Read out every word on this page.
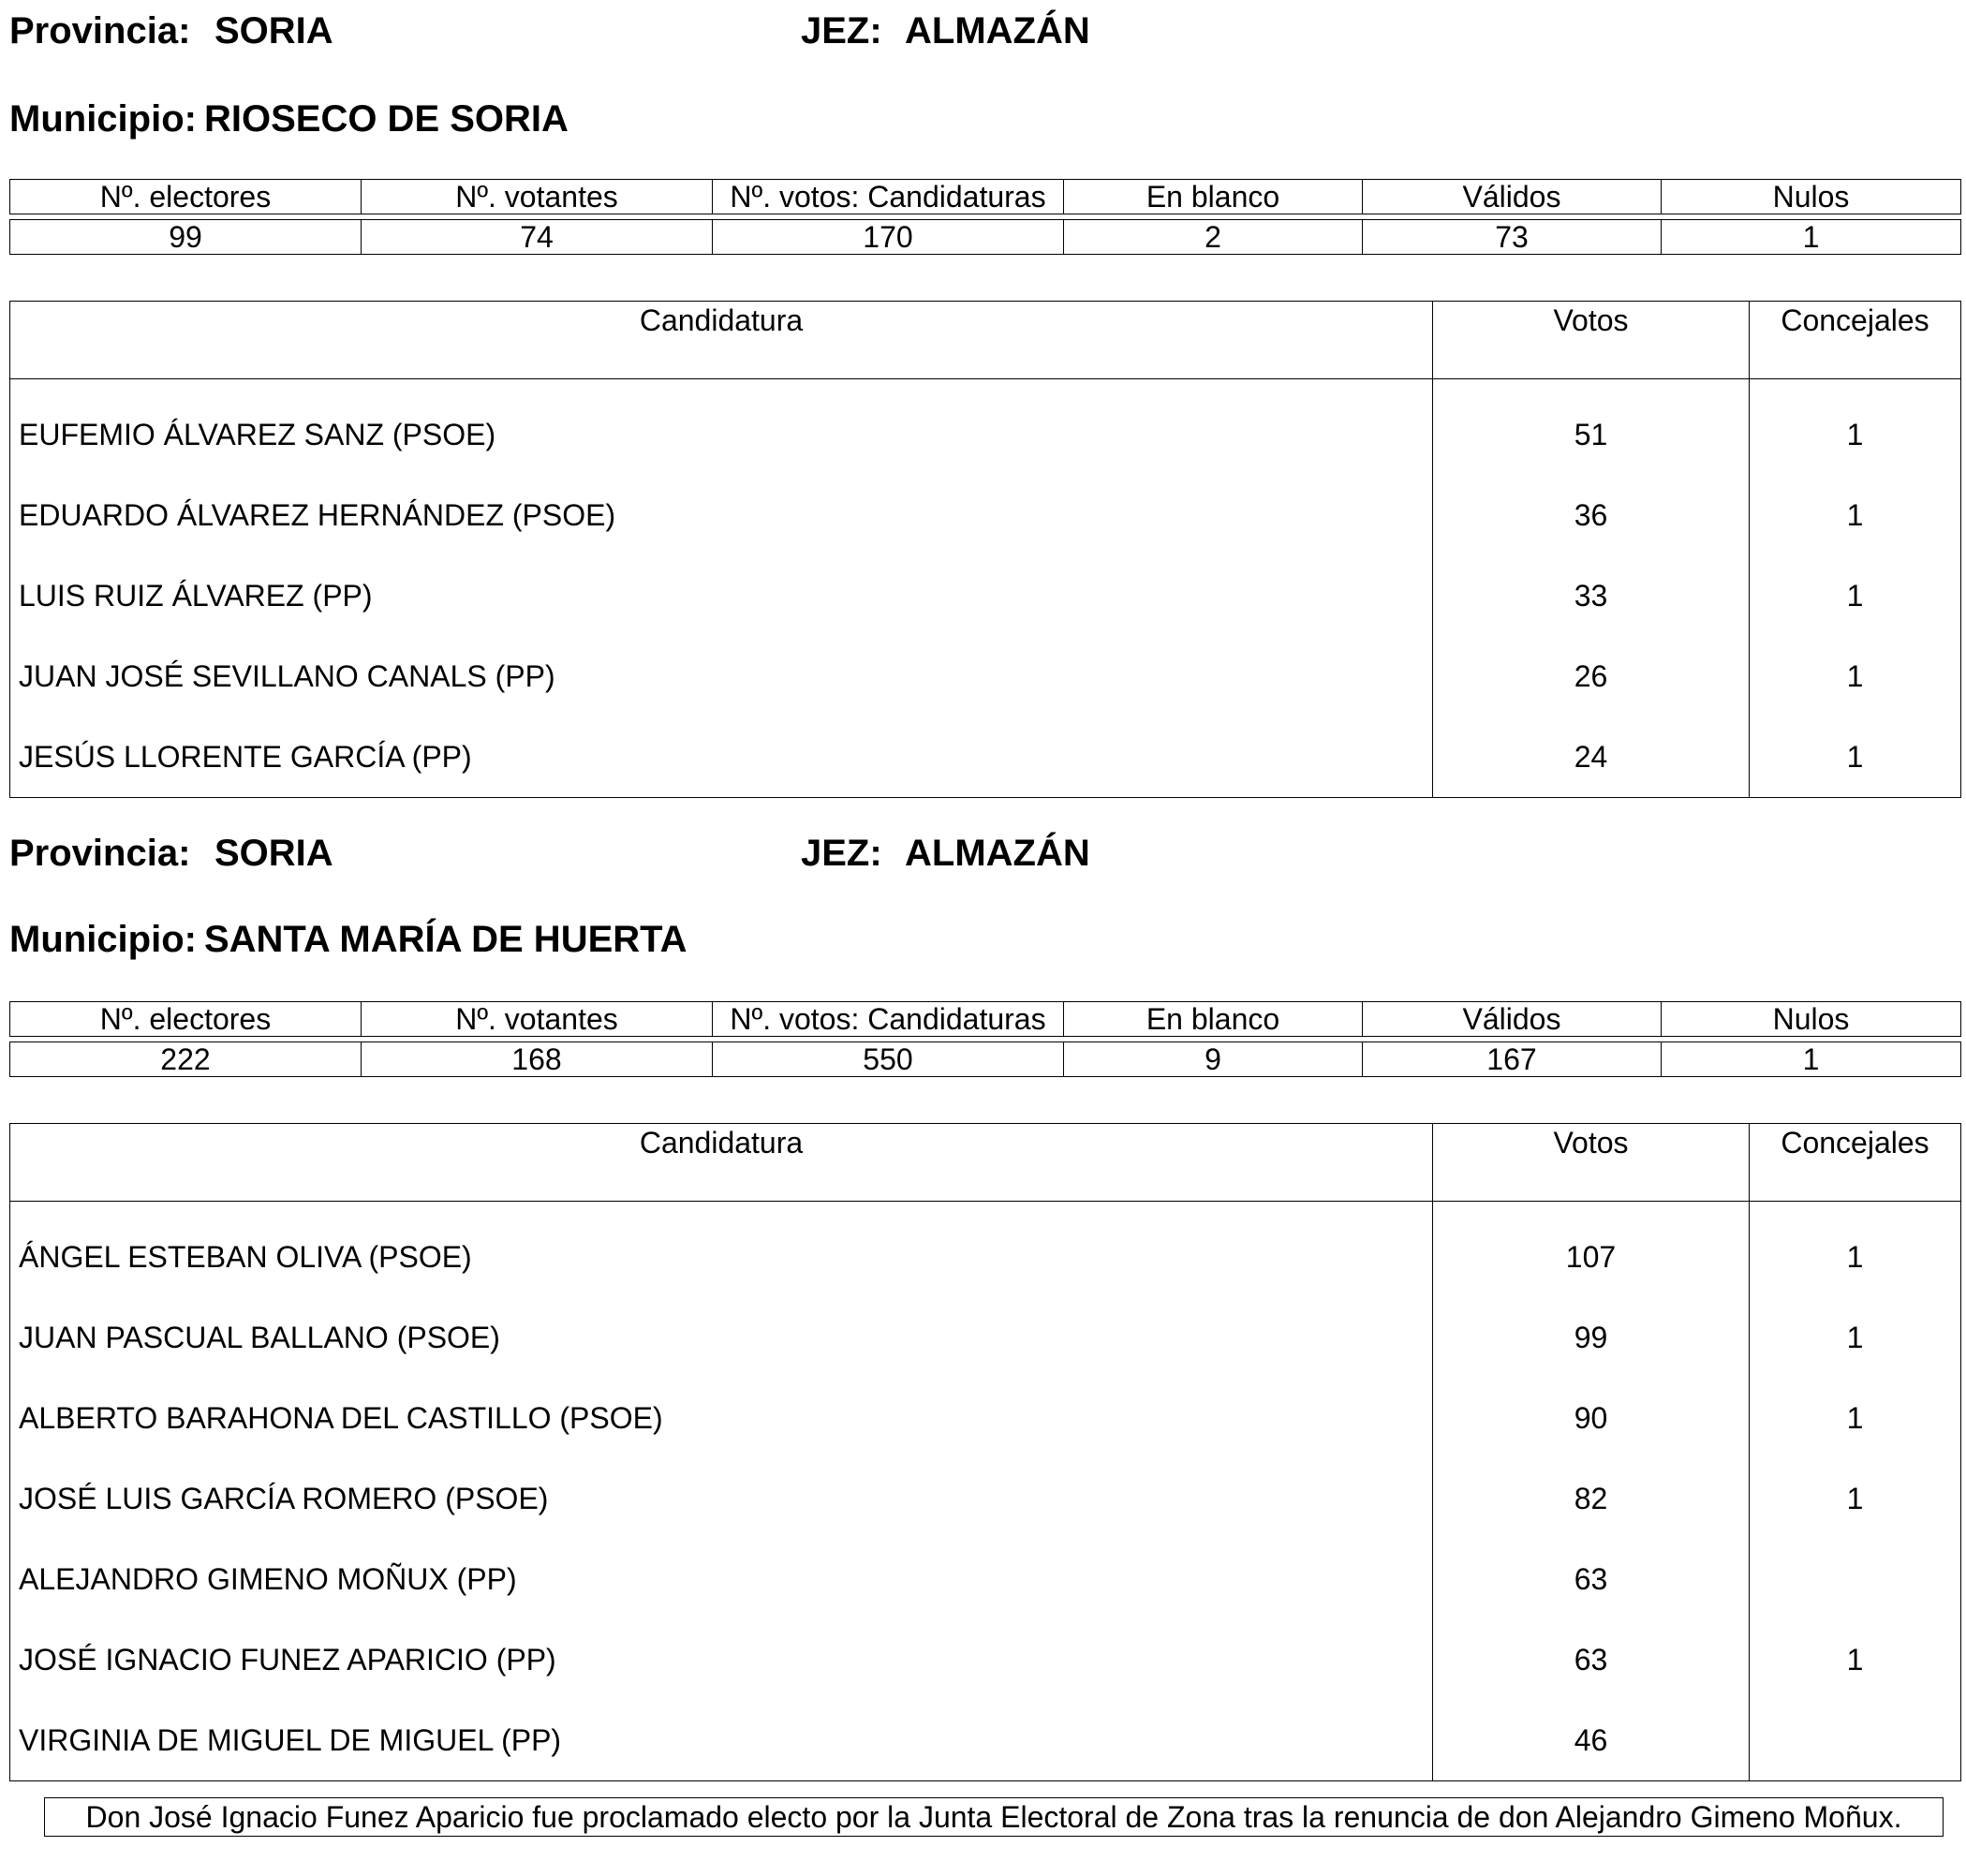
Provincia: SORIA	JEZ: ALMAZÁN
Municipio: RIOSECO DE SORIA
Nº. electores	Nº. votantes	Nº. votos: Candidaturas	En blanco	Válidos	Nulos

99	74	170	2	73	1
Candidatura	Votos	Concejales
EUFEMIO ÁLVAREZ SANZ (PSOE)	51	1
EDUARDO ÁLVAREZ HERNÁNDEZ (PSOE)	36	1
LUIS RUIZ ÁLVAREZ (PP)	33	1
JUAN JOSÉ SEVILLANO CANALS (PP)	26	1
JESÚS LLORENTE GARCÍA (PP)	24	1
Provincia: SORIA	JEZ: ALMAZÁN
Municipio: SANTA MARÍA DE HUERTA
Nº. electores	Nº. votantes	Nº. votos: Candidaturas	En blanco	Válidos	Nulos

222	168	550	9	167	1
Candidatura	Votos	Concejales
ÁNGEL ESTEBAN OLIVA (PSOE)	107	1
JUAN PASCUAL BALLANO (PSOE)	99	1
ALBERTO BARAHONA DEL CASTILLO (PSOE)	90	1
JOSÉ LUIS GARCÍA ROMERO (PSOE)	82	1
ALEJANDRO GIMENO MOÑUX (PP)	63	
JOSÉ IGNACIO FUNEZ APARICIO (PP)	63	1
VIRGINIA DE MIGUEL DE MIGUEL (PP)	46	
Don José Ignacio Funez Aparicio fue proclamado electo por la Junta Electoral de Zona tras la renuncia de don Alejandro Gimeno Moñux.
